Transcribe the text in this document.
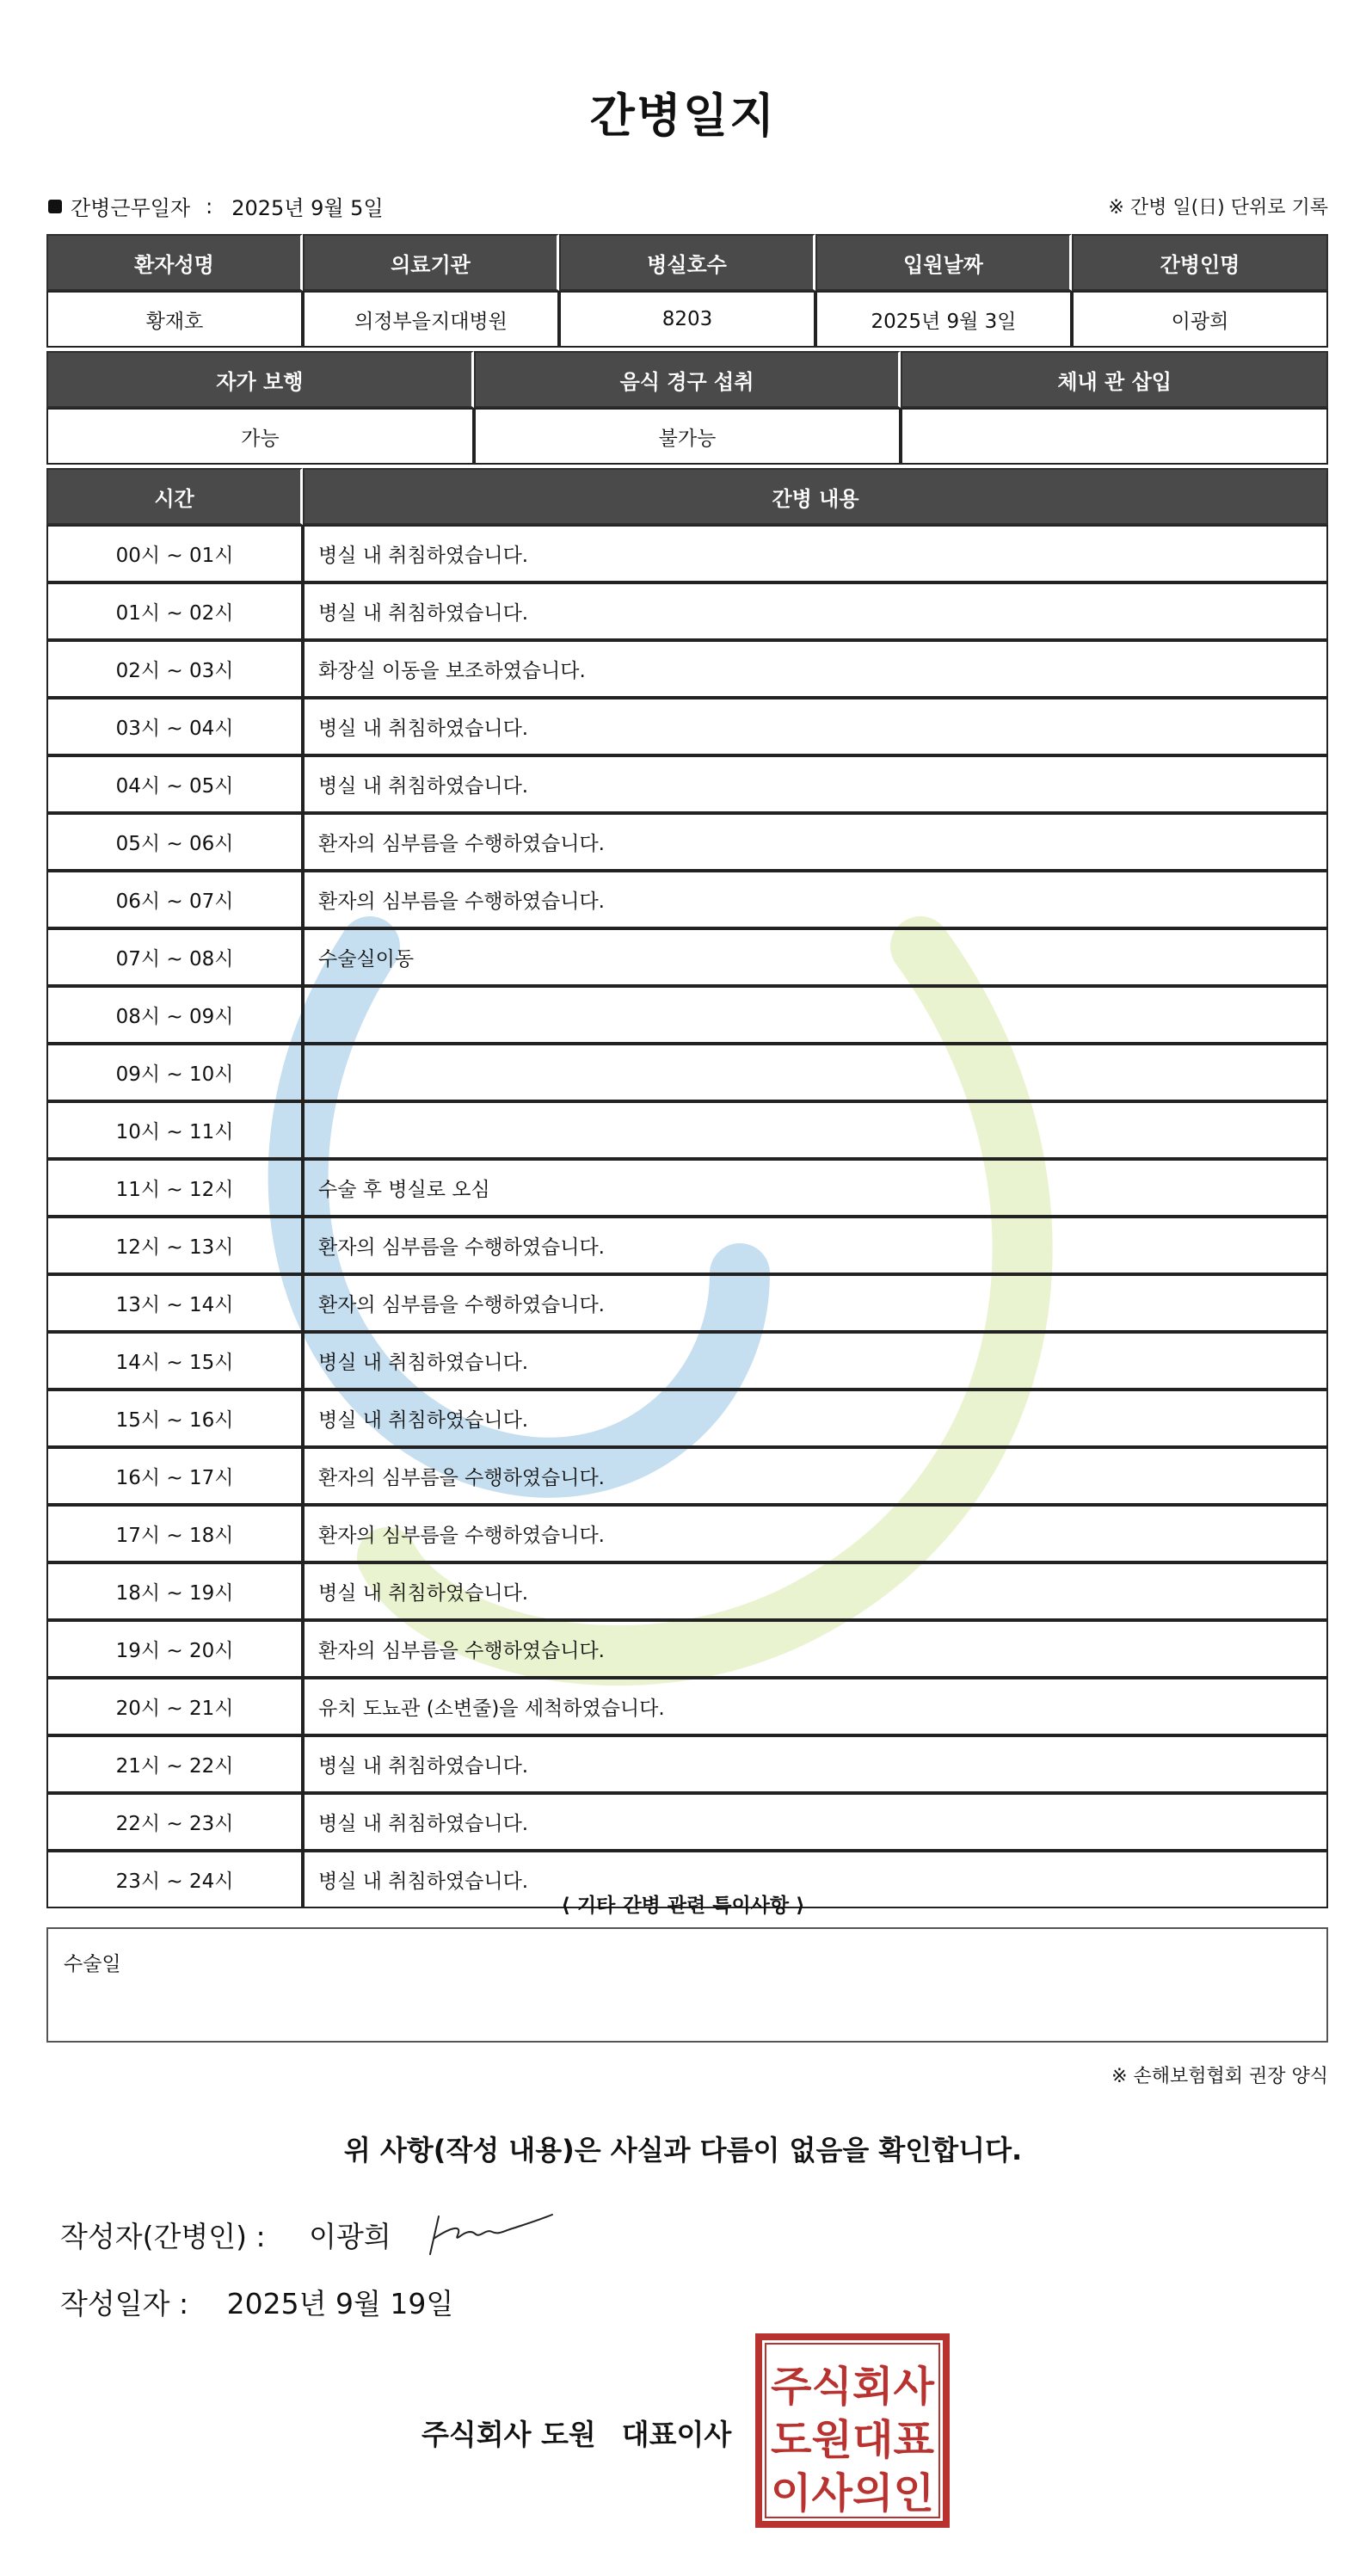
간병일지
간병근무일자 : 2025년 9월 5일	※ 간병 일(日) 단위로 기록
환자성명	의료기관	병실호수	입원날짜	간병인명
황재호	의정부을지대병원	8203	2025년 9월 3일	이광희
자가 보행	음식 경구 섭취	체내 관 삽입
가능	불가능	
시간	간병 내용
00시 ~ 01시	병실 내 취침하였습니다.
01시 ~ 02시	병실 내 취침하였습니다.
02시 ~ 03시	화장실 이동을 보조하였습니다.
03시 ~ 04시	병실 내 취침하였습니다.
04시 ~ 05시	병실 내 취침하였습니다.
05시 ~ 06시	환자의 심부름을 수행하였습니다.
06시 ~ 07시	환자의 심부름을 수행하였습니다.
07시 ~ 08시	수술실이동
08시 ~ 09시	
09시 ~ 10시	
10시 ~ 11시	
11시 ~ 12시	수술 후 병실로 오심
12시 ~ 13시	환자의 심부름을 수행하였습니다.
13시 ~ 14시	환자의 심부름을 수행하였습니다.
14시 ~ 15시	병실 내 취침하였습니다.
15시 ~ 16시	병실 내 취침하였습니다.
16시 ~ 17시	환자의 심부름을 수행하였습니다.
17시 ~ 18시	환자의 심부름을 수행하였습니다.
18시 ~ 19시	병실 내 취침하였습니다.
19시 ~ 20시	환자의 심부름을 수행하였습니다.
20시 ~ 21시	유치 도뇨관 (소변줄)을 세척하였습니다.
21시 ~ 22시	병실 내 취침하였습니다.
22시 ~ 23시	병실 내 취침하였습니다.
23시 ~ 24시	병실 내 취침하였습니다.
⟨ 기타 간병 관련 특이사항 ⟩
수술일
※ 손해보험협회 권장 양식
위 사항(작성 내용)은 사실과 다름이 없음을 확인합니다.
작성자(간병인) : 이광희
작성일자 : 2025년 9월 19일
주식회사 도원 대표이사
주식회사
도원대표
이사의인
